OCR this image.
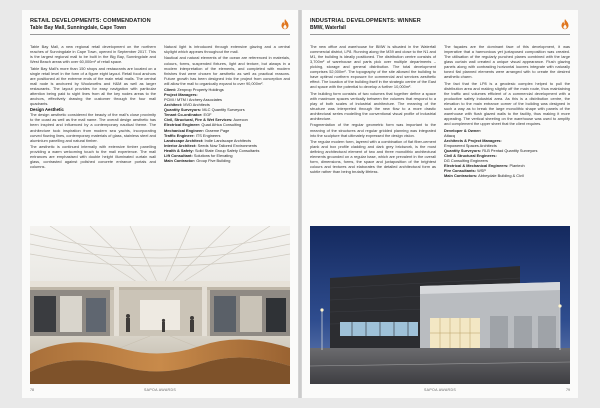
RETAIL DEVELOPMENTS: COMMENDATION
Table Bay Mall, Sunningdale, Cape Town

Table Bay Mall, a new regional retail development on the northern reaches of Sunningdale in Cape Town, opened in September 2017. This is the largest regional mall to be built in the Big Bay, Sunningdale and West Beach areas with over 60,000m² of retail space.

Table Bay Mall's more than 150 shops and restaurants are located on a single retail level in the form of a figure eight layout. Retail food anchors are positioned at the extreme ends of the main retail malls. The central mall node is anchored by Woolworths and H&M as well as larger restaurants. The layout provides for easy navigation with particular attention being paid to sight lines from all the key nodes areas to the anchors, effectively drawing the customer through the four mall quadrants.

Design Aesthetic

The design aesthetic considered the beauty of the mall's close proximity to the coast as well as the mall name. The overall design aesthetic has been inspired and influenced by a contemporary nautical theme. The architecture took inspiration from modern sea yachts, incorporating curved flowing lines, contemporary materials of glass, stainless steel and aluminium panelling and natural timber.

The aesthetic is continued internally with extensive timber panelling providing a warm welcoming touch to the mall experience. The mall entrances are emphasised with double height illuminated curtain wall glass, contrasted against polished concrete entrance portals and columns.

Natural light is introduced through extensive glazing and a central skylight which appears throughout the mall.

Nautical and natural elements of the ocean are referenced in materials, colours, forms, suspended fixtures, light and texture, but always in a modern interpretation of the elements, and completed with modern finishes that were chosen for aesthetic as well as practical reasons. Future growth has been designed into the project from conception and will allow the mall to organically expand to over 90,000m².

Client: Zenprop Property Holdings
Project Managers:
PCMI / MTM / Archery Associates
Architect: MVD Architects
Quantity Surveyors: MLC Quantity Surveyors
Tenant Co-ordinator: EGF
Civil, Structural, Fire & Wet Services: Aurecon
Electrical Engineer: Quad Africa Consulting
Mechanical Engineer: Graeme Page
Traffic Engineer: ITS Engineers
Landscape Architect: Indie Landscape Architects
Interior Architect: Seeds Now Tailored Environments
Health & Safety: Solid State Group Safety Consultants
Lift Consultant: Solutions for Elevating
Main Contractor: Group Five Building
78	SAPOA AWARDS
INDUSTRIAL DEVELOPMENTS: WINNER
BMW, Waterfall

The new office and warehouse for BMW is situated in the Waterfall commercial district, LP8. Running along the M39 and close to the N1 and M1, the building is ideally positioned. The distribution centre consists of 3,700m² of warehouse and parts pick over multiple departments – picking, storage and general distribution. The total development comprises 52,000m². The topography of the site allowed the building to have optimal northern exposure for commercial and services aesthetic effect. The location of the building itself in the strategic centre of the East and space with the potential to develop a further 10,000m².

The building form consists of two volumes that together define a space with maximum spaces vertically between the volumes that respond to a play of both scales of industrial architecture. The meaning of the structure was interpreted through the new flow to a more drastic architectural series modelling the conventional visual profile of industrial architecture.

Fragmentation of the regular geometric form was important to the meaning of the structures and regular gridded planning was integrated into the sculpture that ultimately expressed the design vision.

The regular modern form, layered with a combination of flat fiber-cement plank and box profile cladding and dark grey brickwork, is the most defining architectural element of two and three monolithic architectural elements grounded on a regular base, which are prevalent in the overall form, dimensions, forms, the space and juxtaposition of the brightest colours and textures and elaborates the detailed architectural form as subtle rather than being brutally lifeless.

The façades are the dominant face of this development, it was imperative that a harmonious yet juxtaposed composition was created. The utilisation of the regularly punched planes combined with the large glass curtain wall created a unique visual appearance. Flush glazing panels along with contrasting horizontal louvres integrate with naturally toned flat planned elements were arranged with to create the desired aesthetic charm.

The fact that the LP8 is a geodesic complex helped to pull the distribution area and making slightly off the main route, thus maintaining the traffic and volumes efficient of a commercial development with a productive safety industrial area. As this is a distribution centre, the elevation to the main entrance corner of the building was designed in such a way as to break the large monolithic shape with panels of the warehouse with flush glazed walls to the facility, thus making it more appealing. The vertical sheeting on the warehouse was used to amplify and complement the upper sheet that the client requires.

Developer & Owner:
Attacq
Architects & Project Managers:
Empowered Spaces Architects
Quantity Surveyors: RLB Pentad Quantity Surveyors
Civil & Structural Engineers:
DG Consulting Engineers
Electrical & Mechanical Engineers: Plantech
Fire Consultants: WSP
Main Contractors: Abbeydale Building & Civil
SAPOA AWARDS	79
